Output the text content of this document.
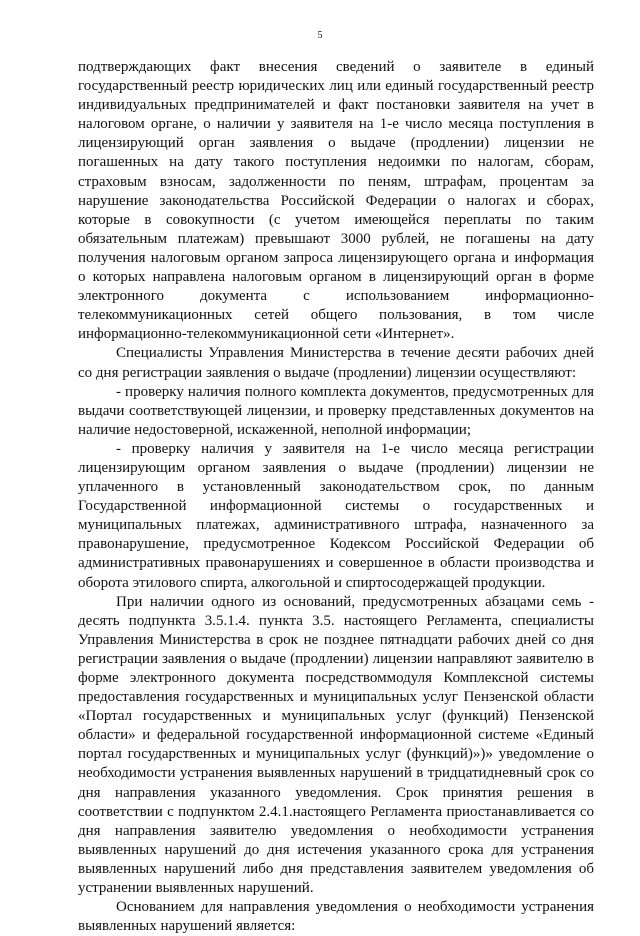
5

подтверждающих факт внесения сведений о заявителе в единый государственный реестр юридических лиц или единый государственный реестр индивидуальных предпринимателей и факт постановки заявителя на учет в налоговом органе, о наличии у заявителя на 1-е число месяца поступления в лицензирующий орган заявления о выдаче (продлении) лицензии не погашенных на дату такого поступления недоимки по налогам, сборам, страховым взносам, задолженности по пеням, штрафам, процентам за нарушение законодательства Российской Федерации о налогах и сборах, которые в совокупности (с учетом имеющейся переплаты по таким обязательным платежам) превышают 3000 рублей, не погашены на дату получения налоговым органом запроса лицензирующего органа и информация о которых направлена налоговым органом в лицензирующий орган в форме электронного документа с использованием информационно-телекоммуникационных сетей общего пользования, в том числе информационно-телекоммуникационной сети «Интернет».

Специалисты Управления Министерства в течение десяти рабочих дней со дня регистрации заявления о выдаче (продлении) лицензии осуществляют:

- проверку наличия полного комплекта документов, предусмотренных для выдачи соответствующей лицензии, и проверку представленных документов на наличие недостоверной, искаженной, неполной информации;

- проверку наличия у заявителя на 1-е число месяца регистрации лицензирующим органом заявления о выдаче (продлении) лицензии не уплаченного в установленный законодательством срок, по данным Государственной информационной системы о государственных и муниципальных платежах, административного штрафа, назначенного за правонарушение, предусмотренное Кодексом Российской Федерации об административных правонарушениях и совершенное в области производства и оборота этилового спирта, алкогольной и спиртосодержащей продукции.

При наличии одного из оснований, предусмотренных абзацами семь - десять подпункта 3.5.1.4. пункта 3.5. настоящего Регламента, специалисты Управления Министерства в срок не позднее пятнадцати рабочих дней со дня регистрации заявления о выдаче (продлении) лицензии направляют заявителю в форме электронного документа посредствоммодуля Комплексной системы предоставления государственных и муниципальных услуг Пензенской области «Портал государственных и муниципальных услуг (функций) Пензенской области» и федеральной государственной информационной системе «Единый портал государственных и муниципальных услуг (функций)»)» уведомление о необходимости устранения выявленных нарушений в тридцатидневный срок со дня направления указанного уведомления. Срок принятия решения в соответствии с подпунктом 2.4.1.настоящего Регламента приостанавливается со дня направления заявителю уведомления о необходимости устранения выявленных нарушений до дня истечения указанного срока для устранения выявленных нарушений либо дня представления заявителем уведомления об устранении выявленных нарушений.

Основанием для направления уведомления о необходимости устранения выявленных нарушений является:
